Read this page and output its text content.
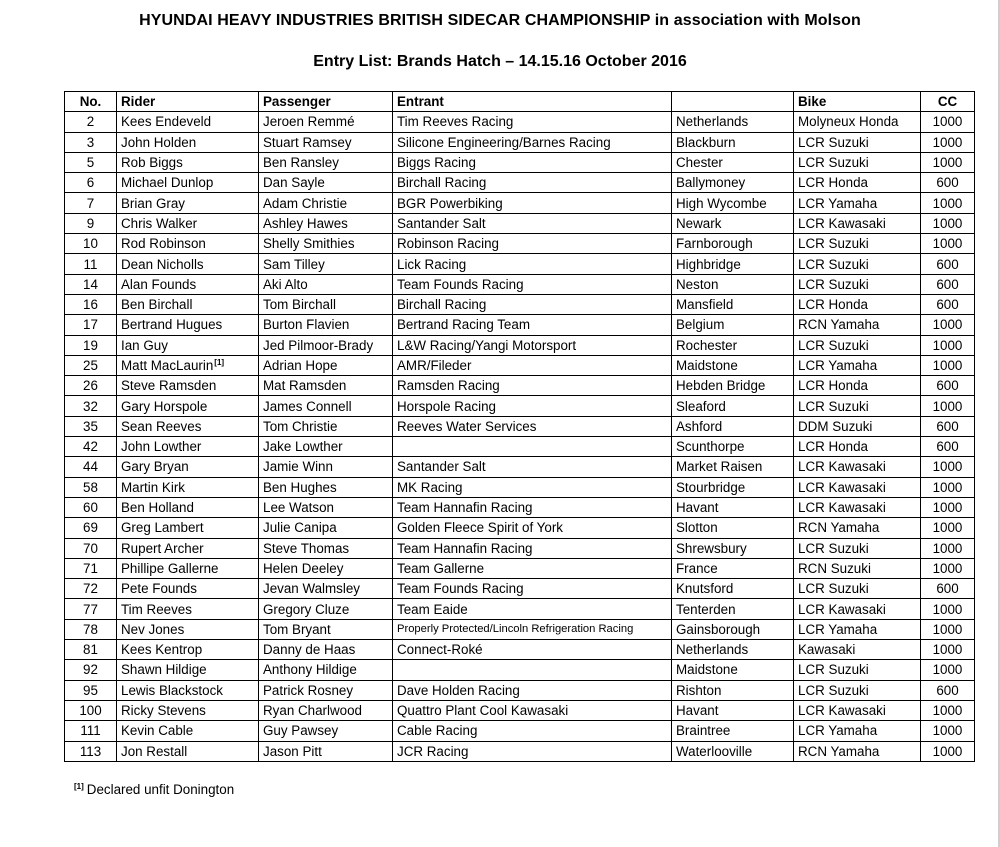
HYUNDAI HEAVY INDUSTRIES BRITISH SIDECAR CHAMPIONSHIP in association with Molson
Entry List: Brands Hatch – 14.15.16 October 2016
No.	Rider	Passenger	Entrant		Bike	CC
2	Kees Endeveld	Jeroen Remmé	Tim Reeves Racing	Netherlands	Molyneux Honda	1000
3	John Holden	Stuart Ramsey	Silicone Engineering/Barnes Racing	Blackburn	LCR Suzuki	1000
5	Rob Biggs	Ben Ransley	Biggs Racing	Chester	LCR Suzuki	1000
6	Michael Dunlop	Dan Sayle	Birchall Racing	Ballymoney	LCR Honda	600
7	Brian Gray	Adam Christie	BGR Powerbiking	High Wycombe	LCR Yamaha	1000
9	Chris Walker	Ashley Hawes	Santander Salt	Newark	LCR Kawasaki	1000
10	Rod Robinson	Shelly Smithies	Robinson Racing	Farnborough	LCR Suzuki	1000
11	Dean Nicholls	Sam Tilley	Lick Racing	Highbridge	LCR Suzuki	600
14	Alan Founds	Aki Alto	Team Founds Racing	Neston	LCR Suzuki	600
16	Ben Birchall	Tom Birchall	Birchall Racing	Mansfield	LCR Honda	600
17	Bertrand Hugues	Burton Flavien	Bertrand Racing Team	Belgium	RCN Yamaha	1000
19	Ian Guy	Jed Pilmoor-Brady	L&W Racing/Yangi Motorsport	Rochester	LCR Suzuki	1000
25	Matt MacLaurin[1]	Adrian Hope	AMR/Fileder	Maidstone	LCR Yamaha	1000
26	Steve Ramsden	Mat Ramsden	Ramsden Racing	Hebden Bridge	LCR Honda	600
32	Gary Horspole	James Connell	Horspole Racing	Sleaford	LCR Suzuki	1000
35	Sean Reeves	Tom Christie	Reeves Water Services	Ashford	DDM Suzuki	600
42	John Lowther	Jake Lowther		Scunthorpe	LCR Honda	600
44	Gary Bryan	Jamie Winn	Santander Salt	Market Raisen	LCR Kawasaki	1000
58	Martin Kirk	Ben Hughes	MK Racing	Stourbridge	LCR Kawasaki	1000
60	Ben Holland	Lee Watson	Team Hannafin Racing	Havant	LCR Kawasaki	1000
69	Greg Lambert	Julie Canipa	Golden Fleece Spirit of York	Slotton	RCN Yamaha	1000
70	Rupert Archer	Steve Thomas	Team Hannafin Racing	Shrewsbury	LCR Suzuki	1000
71	Phillipe Gallerne	Helen Deeley	Team Gallerne	France	RCN Suzuki	1000
72	Pete Founds	Jevan Walmsley	Team Founds Racing	Knutsford	LCR Suzuki	600
77	Tim Reeves	Gregory Cluze	Team Eaide	Tenterden	LCR Kawasaki	1000
78	Nev Jones	Tom Bryant	Properly Protected/Lincoln Refrigeration Racing	Gainsborough	LCR Yamaha	1000
81	Kees Kentrop	Danny de Haas	Connect-Roké	Netherlands	Kawasaki	1000
92	Shawn Hildige	Anthony Hildige		Maidstone	LCR Suzuki	1000
95	Lewis Blackstock	Patrick Rosney	Dave Holden Racing	Rishton	LCR Suzuki	600
100	Ricky Stevens	Ryan Charlwood	Quattro Plant Cool Kawasaki	Havant	LCR Kawasaki	1000
111	Kevin Cable	Guy Pawsey	Cable Racing	Braintree	LCR Yamaha	1000
113	Jon Restall	Jason Pitt	JCR Racing	Waterlooville	RCN Yamaha	1000
[1] Declared unfit Donington
